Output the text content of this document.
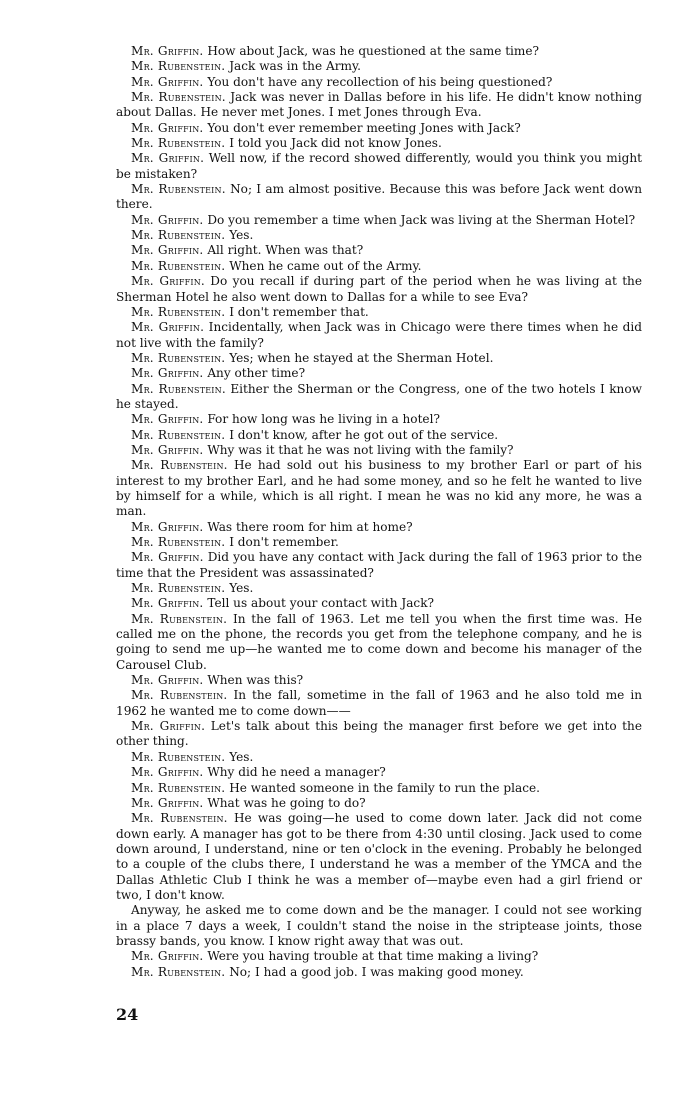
Mr. Griffin. How about Jack, was he questioned at the same time?

Mr. Rubenstein. Jack was in the Army.

Mr. Griffin. You don't have any recollection of his being questioned?

Mr. Rubenstein. Jack was never in Dallas before in his life. He didn't know nothing about Dallas. He never met Jones. I met Jones through Eva.

Mr. Griffin. You don't ever remember meeting Jones with Jack?

Mr. Rubenstein. I told you Jack did not know Jones.

Mr. Griffin. Well now, if the record showed differently, would you think you might be mistaken?

Mr. Rubenstein. No; I am almost positive. Because this was before Jack went down there.

Mr. Griffin. Do you remember a time when Jack was living at the Sherman Hotel?

Mr. Rubenstein. Yes.

Mr. Griffin. All right. When was that?

Mr. Rubenstein. When he came out of the Army.

Mr. Griffin. Do you recall if during part of the period when he was living at the Sherman Hotel he also went down to Dallas for a while to see Eva?

Mr. Rubenstein. I don't remember that.

Mr. Griffin. Incidentally, when Jack was in Chicago were there times when he did not live with the family?

Mr. Rubenstein. Yes; when he stayed at the Sherman Hotel.

Mr. Griffin. Any other time?

Mr. Rubenstein. Either the Sherman or the Congress, one of the two hotels I know he stayed.

Mr. Griffin. For how long was he living in a hotel?

Mr. Rubenstein. I don't know, after he got out of the service.

Mr. Griffin. Why was it that he was not living with the family?

Mr. Rubenstein. He had sold out his business to my brother Earl or part of his interest to my brother Earl, and he had some money, and so he felt he wanted to live by himself for a while, which is all right. I mean he was no kid any more, he was a man.

Mr. Griffin. Was there room for him at home?

Mr. Rubenstein. I don't remember.

Mr. Griffin. Did you have any contact with Jack during the fall of 1963 prior to the time that the President was assassinated?

Mr. Rubenstein. Yes.

Mr. Griffin. Tell us about your contact with Jack?

Mr. Rubenstein. In the fall of 1963. Let me tell you when the first time was. He called me on the phone, the records you get from the telephone company, and he is going to send me up—he wanted me to come down and become his manager of the Carousel Club.

Mr. Griffin. When was this?

Mr. Rubenstein. In the fall, sometime in the fall of 1963 and he also told me in 1962 he wanted me to come down——

Mr. Griffin. Let's talk about this being the manager first before we get into the other thing.

Mr. Rubenstein. Yes.

Mr. Griffin. Why did he need a manager?

Mr. Rubenstein. He wanted someone in the family to run the place.

Mr. Griffin. What was he going to do?

Mr. Rubenstein. He was going—he used to come down later. Jack did not come down early. A manager has got to be there from 4:30 until closing. Jack used to come down around, I understand, nine or ten o'clock in the evening. Probably he belonged to a couple of the clubs there, I understand he was a member of the YMCA and the Dallas Athletic Club I think he was a member of—maybe even had a girl friend or two, I don't know.

Anyway, he asked me to come down and be the manager. I could not see working in a place 7 days a week, I couldn't stand the noise in the striptease joints, those brassy bands, you know. I know right away that was out.

Mr. Griffin. Were you having trouble at that time making a living?

Mr. Rubenstein. No; I had a good job. I was making good money.

24
